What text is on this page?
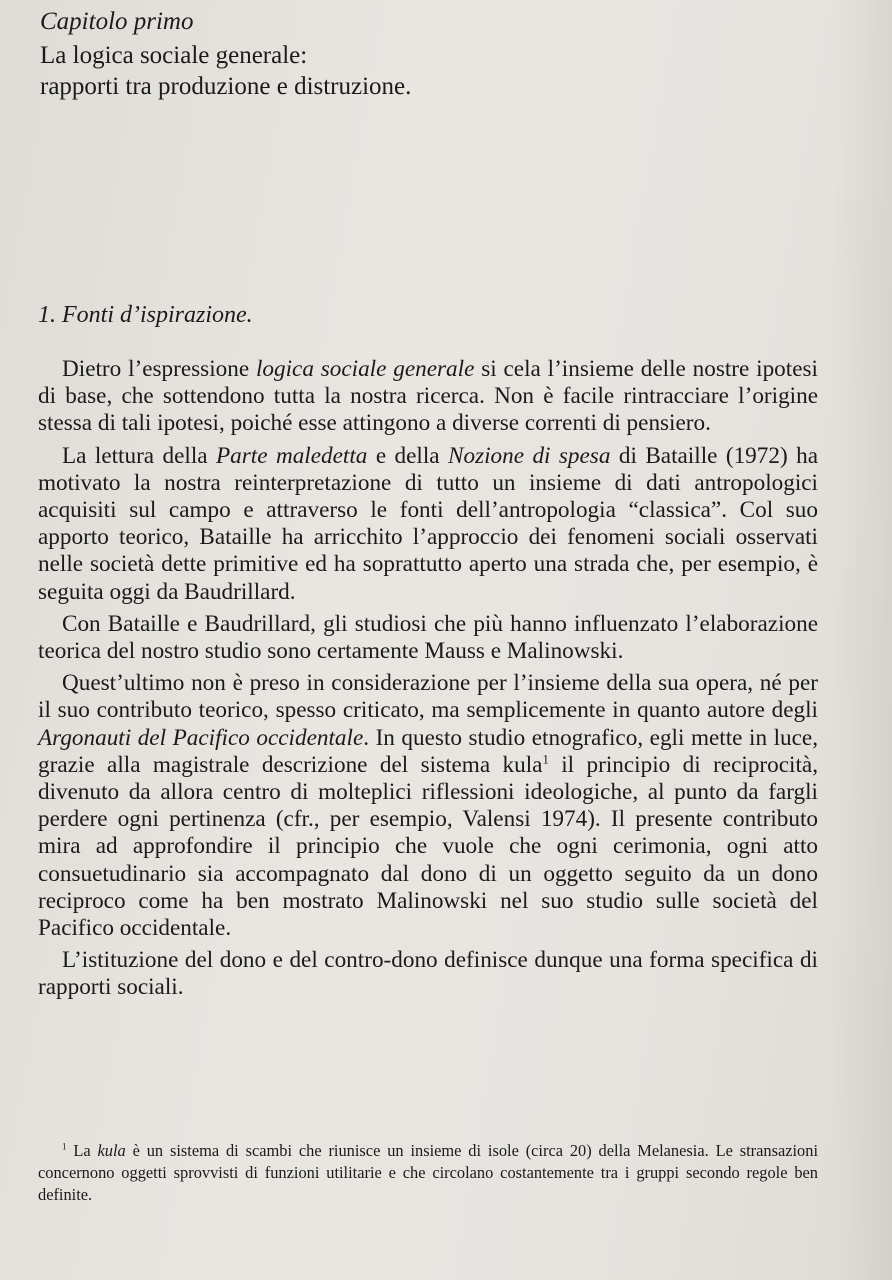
Capitolo primo
La logica sociale generale:
rapporti tra produzione e distruzione.
1. Fonti d’ispirazione.

Dietro l’espressione logica sociale generale si cela l’insieme delle nostre ipotesi di base, che sottendono tutta la nostra ricerca. Non è facile rintracciare l’origine stessa di tali ipotesi, poiché esse attingono a diverse correnti di pensiero.

La lettura della Parte maledetta e della Nozione di spesa di Bataille (1972) ha motivato la nostra reinterpretazione di tutto un insieme di dati antropologici acquisiti sul campo e attraverso le fonti dell’antropologia “classica”. Col suo apporto teorico, Bataille ha arricchito l’approccio dei fenomeni sociali osservati nelle società dette primitive ed ha soprattutto aperto una strada che, per esempio, è seguita oggi da Baudrillard.

Con Bataille e Baudrillard, gli studiosi che più hanno influenzato l’elaborazione teorica del nostro studio sono certamente Mauss e Malinowski.

Quest’ultimo non è preso in considerazione per l’insieme della sua opera, né per il suo contributo teorico, spesso criticato, ma semplicemente in quanto autore degli Argonauti del Pacifico occidentale. In questo studio etnografico, egli mette in luce, grazie alla magistrale descrizione del sistema kula$^1$ il principio di reciprocità, divenuto da allora centro di molteplici riflessioni ideologiche, al punto da fargli perdere ogni pertinenza (cfr., per esempio, Valensi 1974). Il presente contributo mira ad approfondire il principio che vuole che ogni cerimonia, ogni atto consuetudinario sia accompagnato dal dono di un oggetto seguito da un dono reciproco come ha ben mostrato Malinowski nel suo studio sulle società del Pacifico occidentale.

L’istituzione del dono e del contro-dono definisce dunque una forma specifica di rapporti sociali.

$^1$ La kula è un sistema di scambi che riunisce un insieme di isole (circa 20) della Melanesia. Le stransazioni concernono oggetti sprovvisti di funzioni utilitarie e che circolano costantemente tra i gruppi secondo regole ben definite.
